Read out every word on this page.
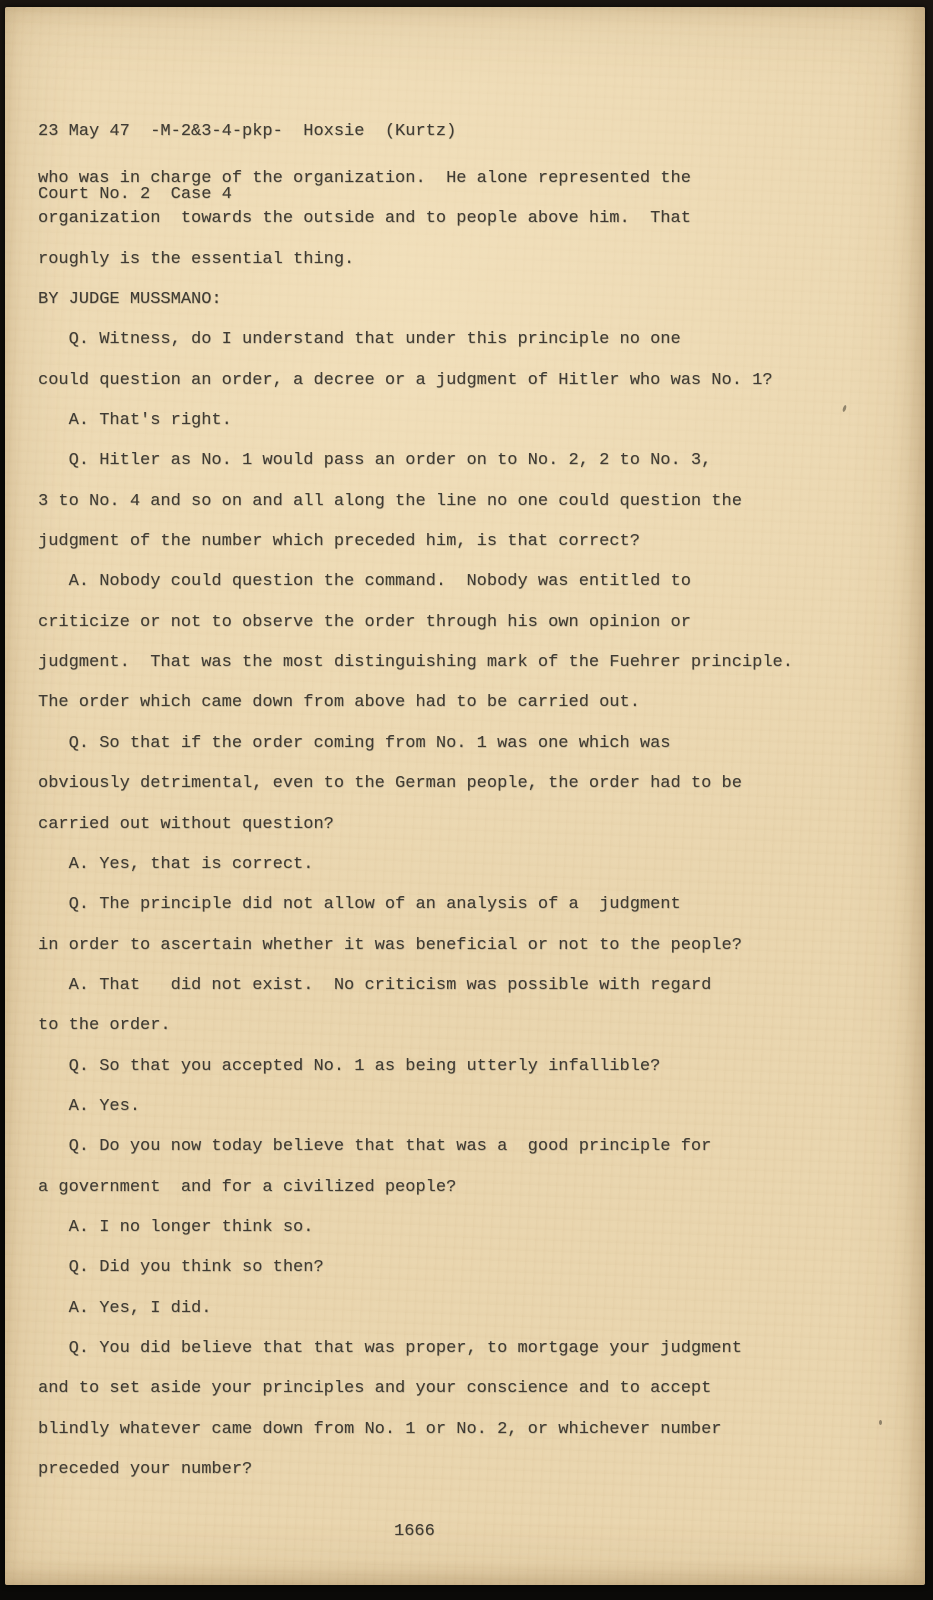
23 May 47  -M-2&3-4-pkp-  Hoxsie  (Kurtz)

Court No. 2  Case 4

who was in charge of the organization.  He alone represented the
organization  towards the outside and to people above him.  That
roughly is the essential thing.
BY JUDGE MUSSMANO:
Q. Witness, do I understand that under this principle no one
could question an order, a decree or a judgment of Hitler who was No. 1?
A. That's right.
Q. Hitler as No. 1 would pass an order on to No. 2, 2 to No. 3,
3 to No. 4 and so on and all along the line no one could question the
judgment of the number which preceded him, is that correct?
A. Nobody could question the command.  Nobody was entitled to
criticize or not to observe the order through his own opinion or
judgment.  That was the most distinguishing mark of the Fuehrer principle.
The order which came down from above had to be carried out.
Q. So that if the order coming from No. 1 was one which was
obviously detrimental, even to the German people, the order had to be
carried out without question?
A. Yes, that is correct.
Q. The principle did not allow of an analysis of a  judgment
in order to ascertain whether it was beneficial or not to the people?
A. That   did not exist.  No criticism was possible with regard
to the order.
Q. So that you accepted No. 1 as being utterly infallible?
A. Yes.
Q. Do you now today believe that that was a  good principle for
a government  and for a civilized people?
A. I no longer think so.
Q. Did you think so then?
A. Yes, I did.
Q. You did believe that that was proper, to mortgage your judgment
and to set aside your principles and your conscience and to accept
blindly whatever came down from No. 1 or No. 2, or whichever number
preceded your number?
1666
